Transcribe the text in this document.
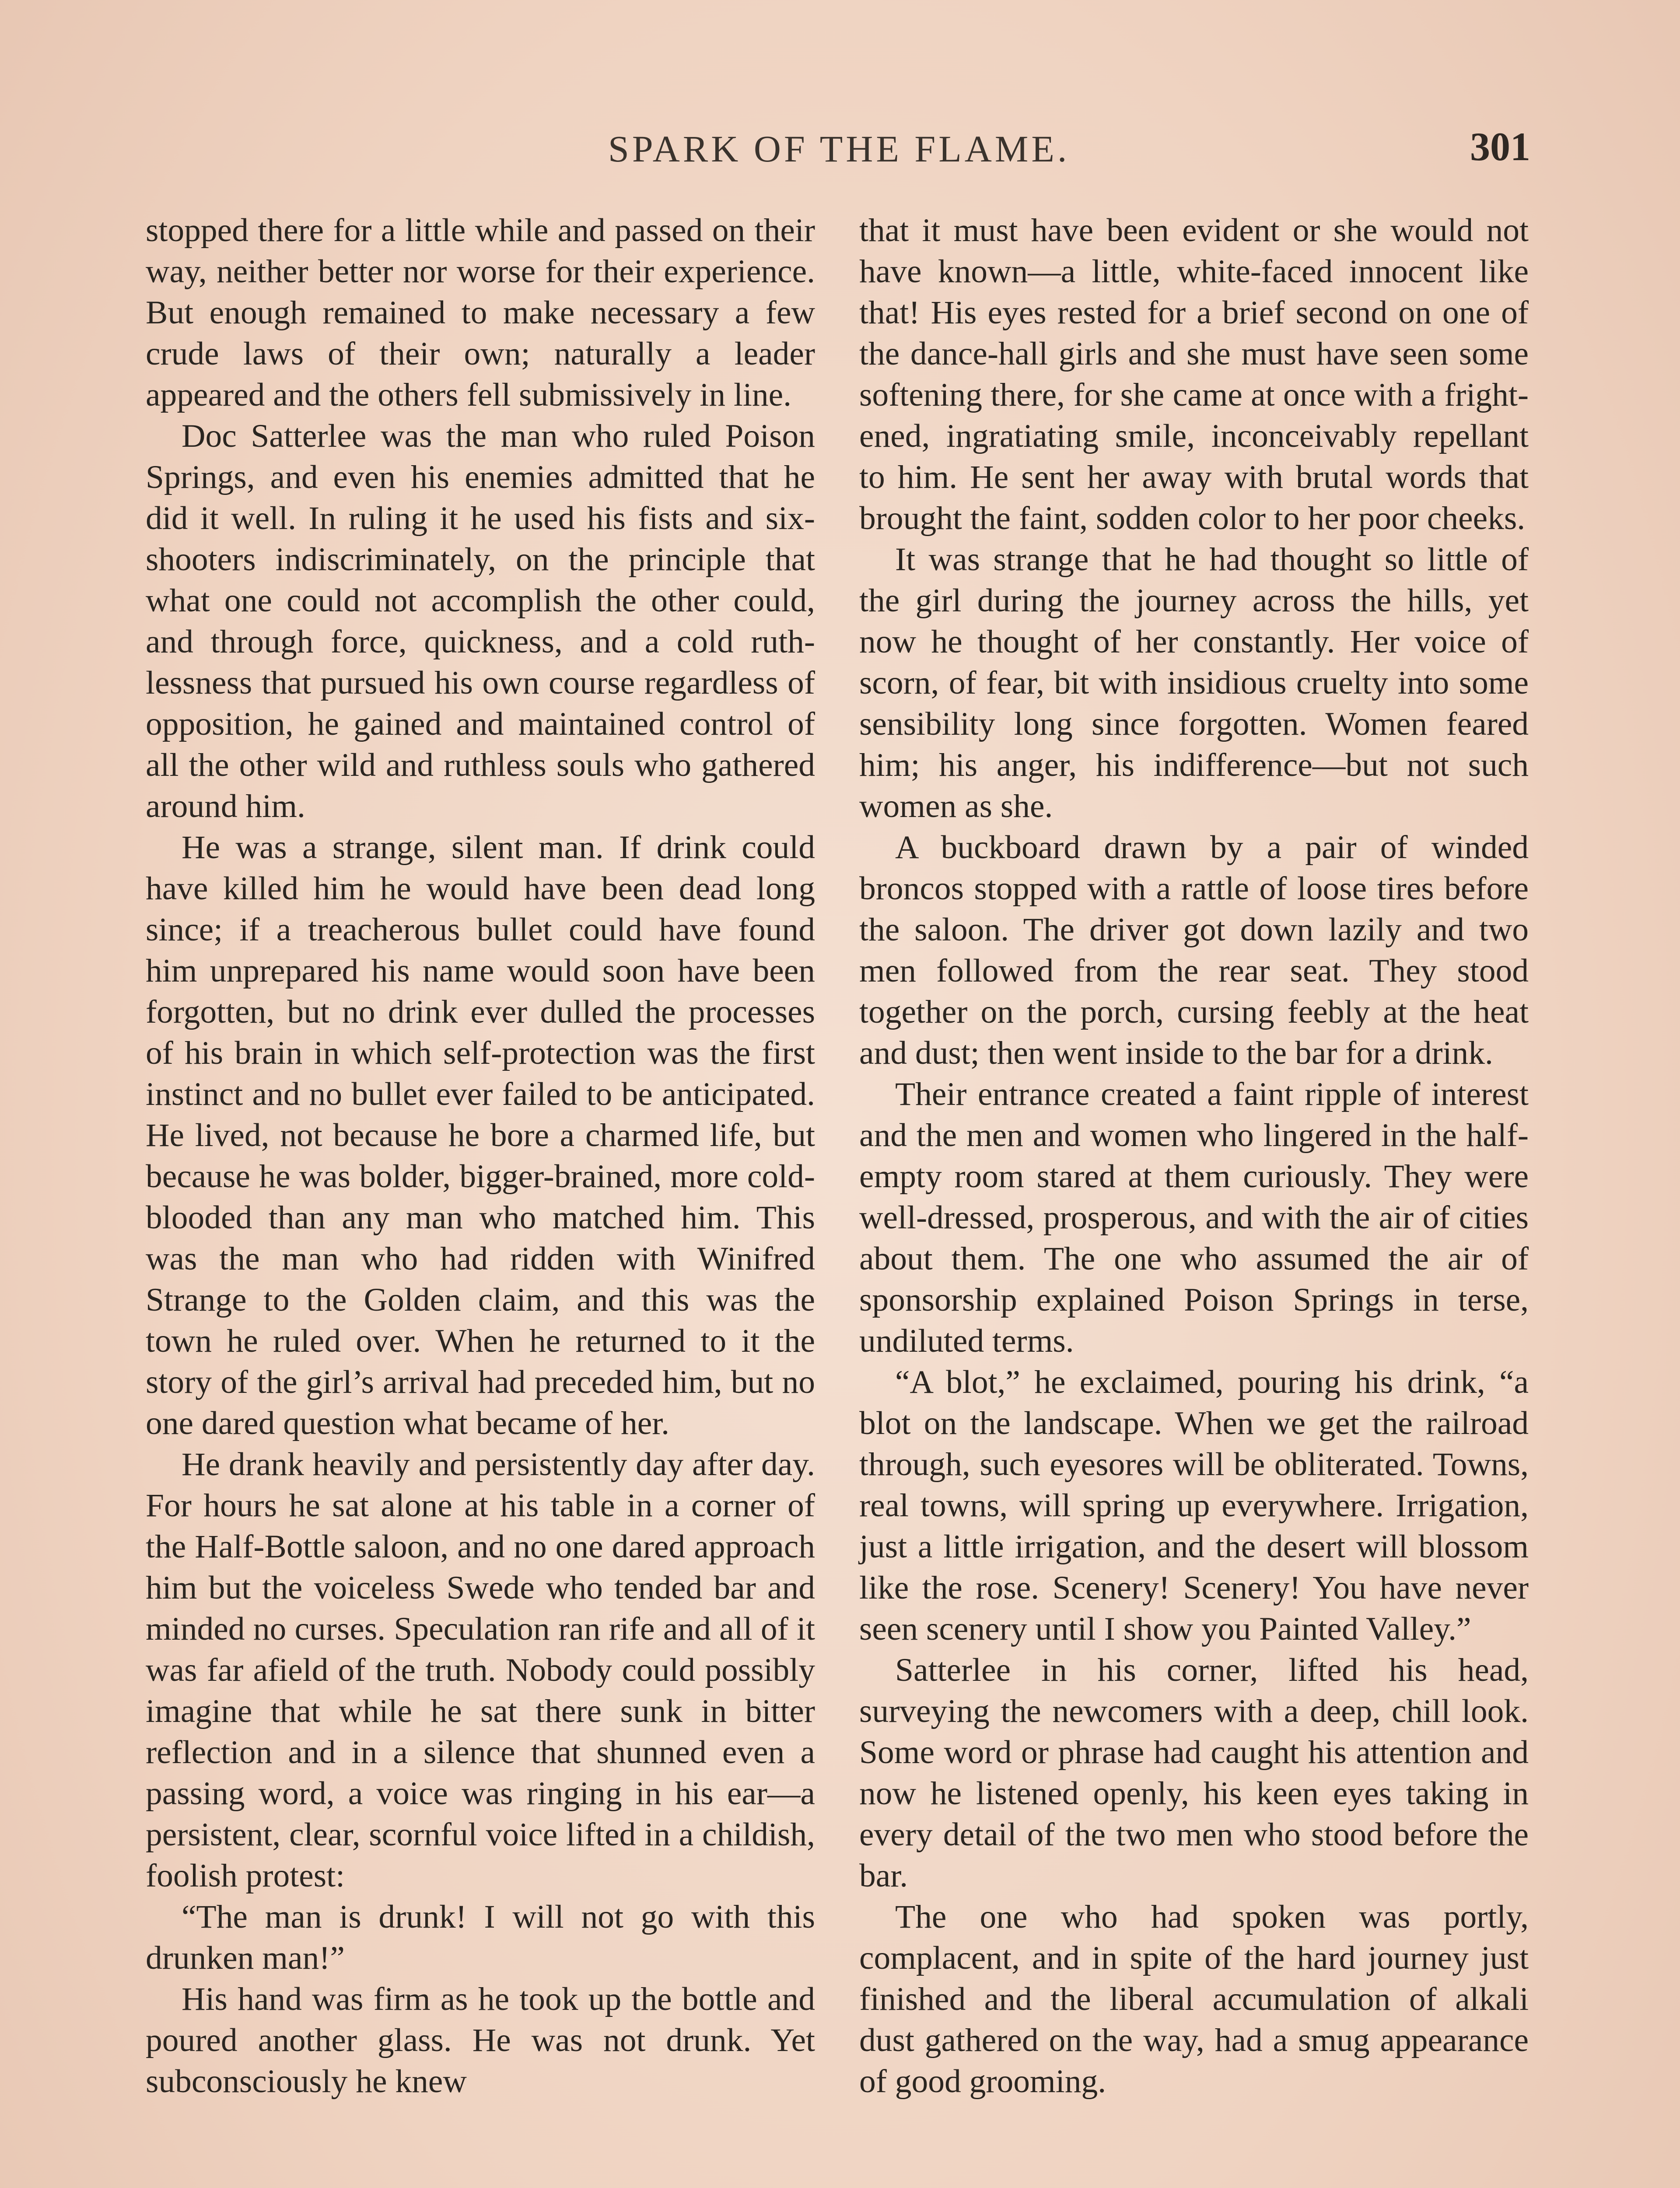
SPARK OF THE FLAME.	301

stopped there for a little while and passed on their way, neither better nor worse for their experience. But enough remained to make necessary a few crude laws of their own; naturally a leader appeared and the others fell submissively in line.

Doc Satterlee was the man who ruled Poison Springs, and even his enemies admitted that he did it well. In ruling it he used his fists and six-shooters indiscriminately, on the principle that what one could not accomplish the other could, and through force, quickness, and a cold ruthlessness that pursued his own course regardless of opposition, he gained and maintained control of all the other wild and ruthless souls who gathered around him.

He was a strange, silent man. If drink could have killed him he would have been dead long since; if a treacherous bullet could have found him unprepared his name would soon have been forgotten, but no drink ever dulled the processes of his brain in which self-protection was the first instinct and no bullet ever failed to be anticipated. He lived, not because he bore a charmed life, but because he was bolder, bigger-brained, more cold-blooded than any man who matched him. This was the man who had ridden with Winifred Strange to the Golden claim, and this was the town he ruled over. When he returned to it the story of the girl’s arrival had preceded him, but no one dared question what became of her.

He drank heavily and persistently day after day. For hours he sat alone at his table in a corner of the Half-Bottle saloon, and no one dared approach him but the voiceless Swede who tended bar and minded no curses. Speculation ran rife and all of it was far afield of the truth. Nobody could possibly imagine that while he sat there sunk in bitter reflection and in a silence that shunned even a passing word, a voice was ringing in his ear—a persistent, clear, scornful voice lifted in a childish, foolish protest:

“The man is drunk! I will not go with this drunken man!”

His hand was firm as he took up the bottle and poured another glass. He was not drunk. Yet subconsciously he knew

that it must have been evident or she would not have known—a little, white-faced innocent like that! His eyes rested for a brief second on one of the dance-hall girls and she must have seen some softening there, for she came at once with a frightened, ingratiating smile, inconceivably repellant to him. He sent her away with brutal words that brought the faint, sodden color to her poor cheeks.

It was strange that he had thought so little of the girl during the journey across the hills, yet now he thought of her constantly. Her voice of scorn, of fear, bit with insidious cruelty into some sensibility long since forgotten. Women feared him; his anger, his indifference—but not such women as she.

A buckboard drawn by a pair of winded broncos stopped with a rattle of loose tires before the saloon. The driver got down lazily and two men followed from the rear seat. They stood together on the porch, cursing feebly at the heat and dust; then went inside to the bar for a drink.

Their entrance created a faint ripple of interest and the men and women who lingered in the half-empty room stared at them curiously. They were well-dressed, prosperous, and with the air of cities about them. The one who assumed the air of sponsorship explained Poison Springs in terse, undiluted terms.

“A blot,” he exclaimed, pouring his drink, “a blot on the landscape. When we get the railroad through, such eyesores will be obliterated. Towns, real towns, will spring up everywhere. Irrigation, just a little irrigation, and the desert will blossom like the rose. Scenery! Scenery! You have never seen scenery until I show you Painted Valley.”

Satterlee in his corner, lifted his head, surveying the newcomers with a deep, chill look. Some word or phrase had caught his attention and now he listened openly, his keen eyes taking in every detail of the two men who stood before the bar.

The one who had spoken was portly, complacent, and in spite of the hard journey just finished and the liberal accumulation of alkali dust gathered on the way, had a smug appearance of good grooming.
